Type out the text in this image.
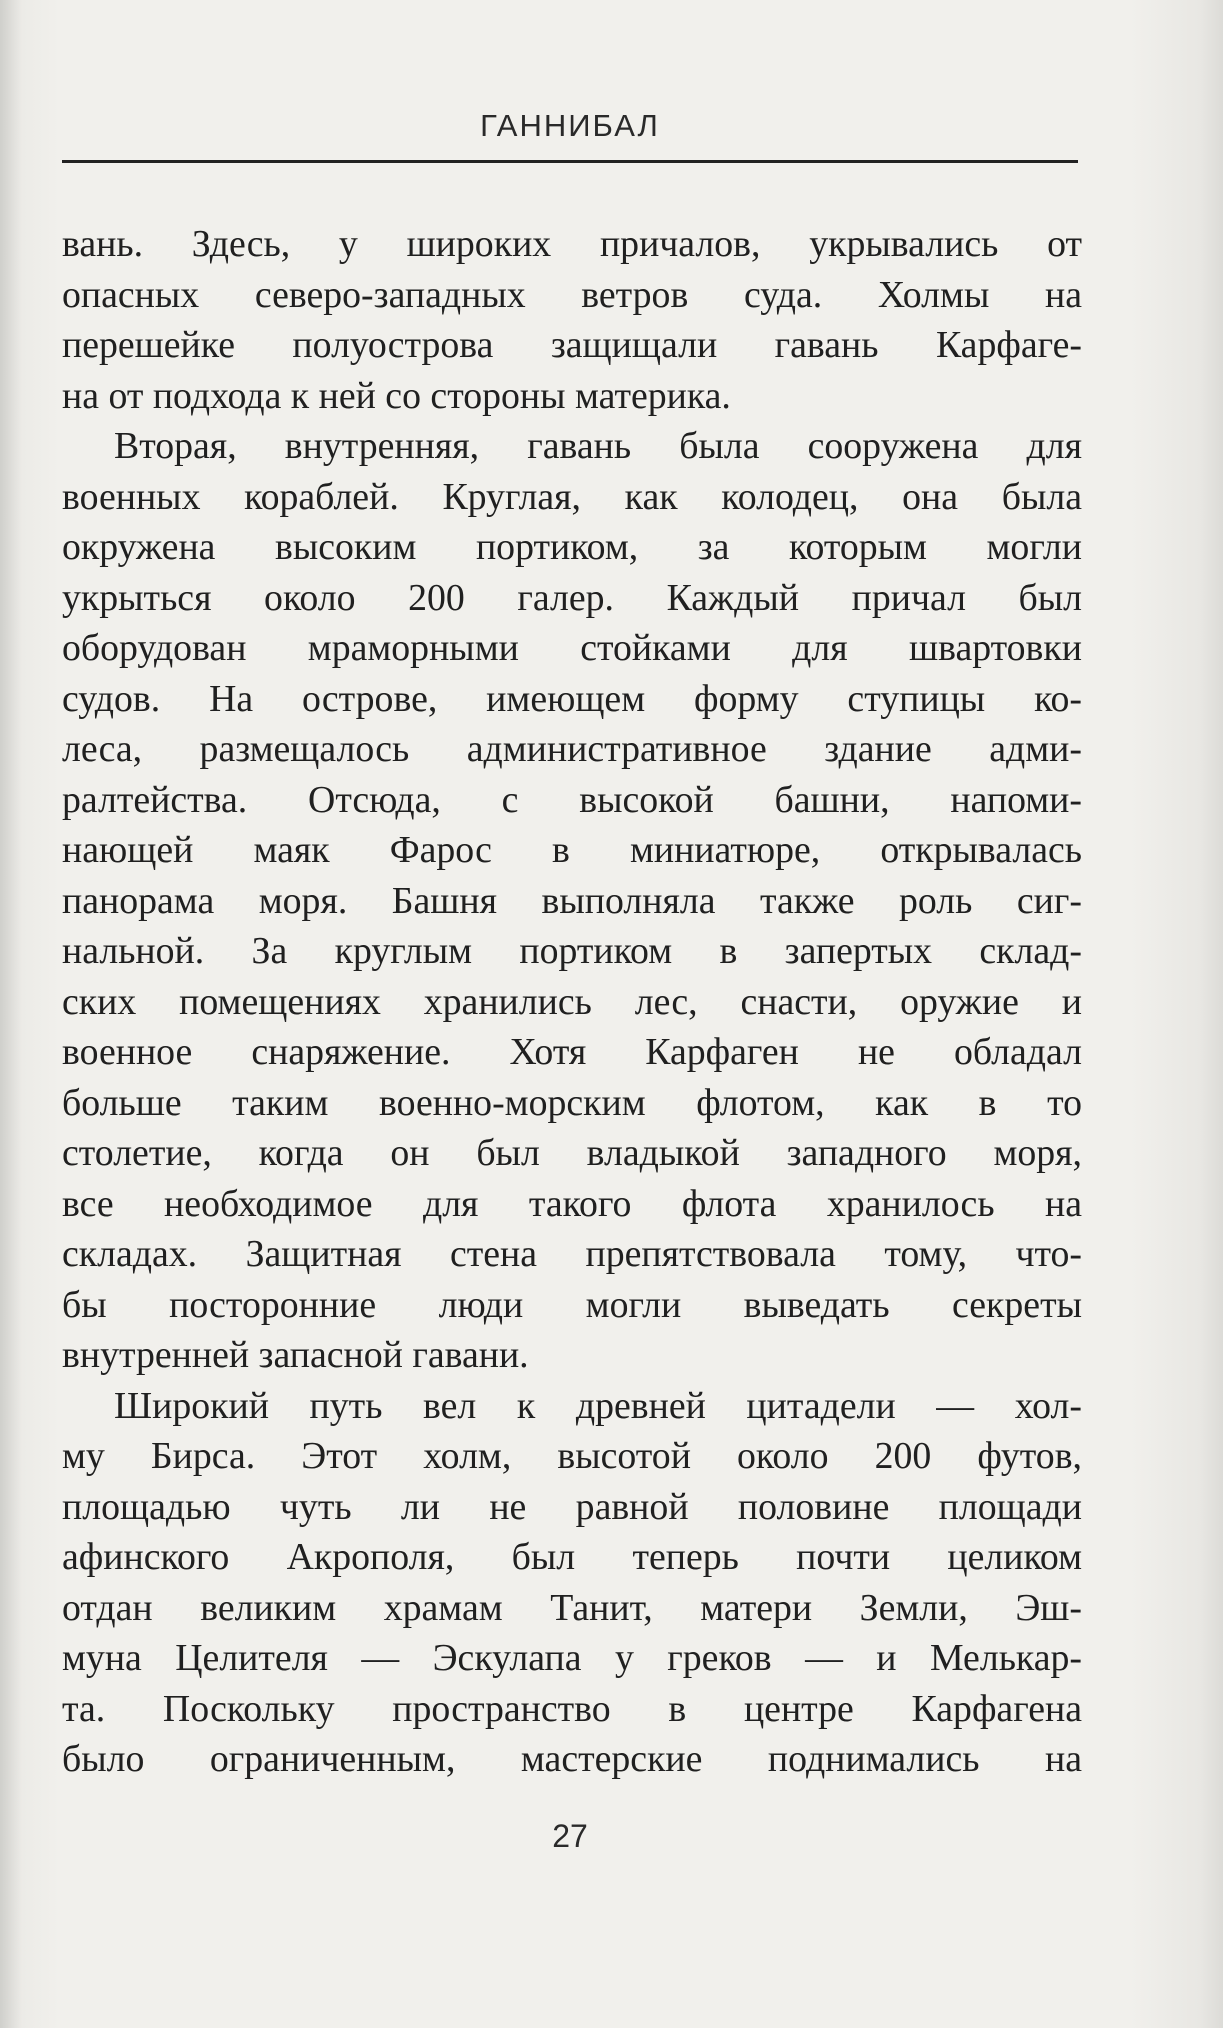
ГАННИБАЛ
вань. Здесь, у широких причалов, укрывались от
опасных северо-западных ветров суда. Холмы на
перешейке полуострова защищали гавань Карфаге-
на от подхода к ней со стороны материка.
Вторая, внутренняя, гавань была сооружена для
военных кораблей. Круглая, как колодец, она была
окружена высоким портиком, за которым могли
укрыться около 200 галер. Каждый причал был
оборудован мраморными стойками для швартовки
судов. На острове, имеющем форму ступицы ко-
леса, размещалось административное здание адми-
ралтейства. Отсюда, с высокой башни, напоми-
нающей маяк Фарос в миниатюре, открывалась
панорама моря. Башня выполняла также роль сиг-
нальной. За круглым портиком в запертых склад-
ских помещениях хранились лес, снасти, оружие и
военное снаряжение. Хотя Карфаген не обладал
больше таким военно-морским флотом, как в то
столетие, когда он был владыкой западного моря,
все необходимое для такого флота хранилось на
складах. Защитная стена препятствовала тому, что-
бы посторонние люди могли выведать секреты
внутренней запасной гавани.
Широкий путь вел к древней цитадели — хол-
му Бирса. Этот холм, высотой около 200 футов,
площадью чуть ли не равной половине площади
афинского Акрополя, был теперь почти целиком
отдан великим храмам Танит, матери Земли, Эш-
муна Целителя — Эскулапа у греков — и Мелькар-
та. Поскольку пространство в центре Карфагена
было ограниченным, мастерские поднимались на
27
